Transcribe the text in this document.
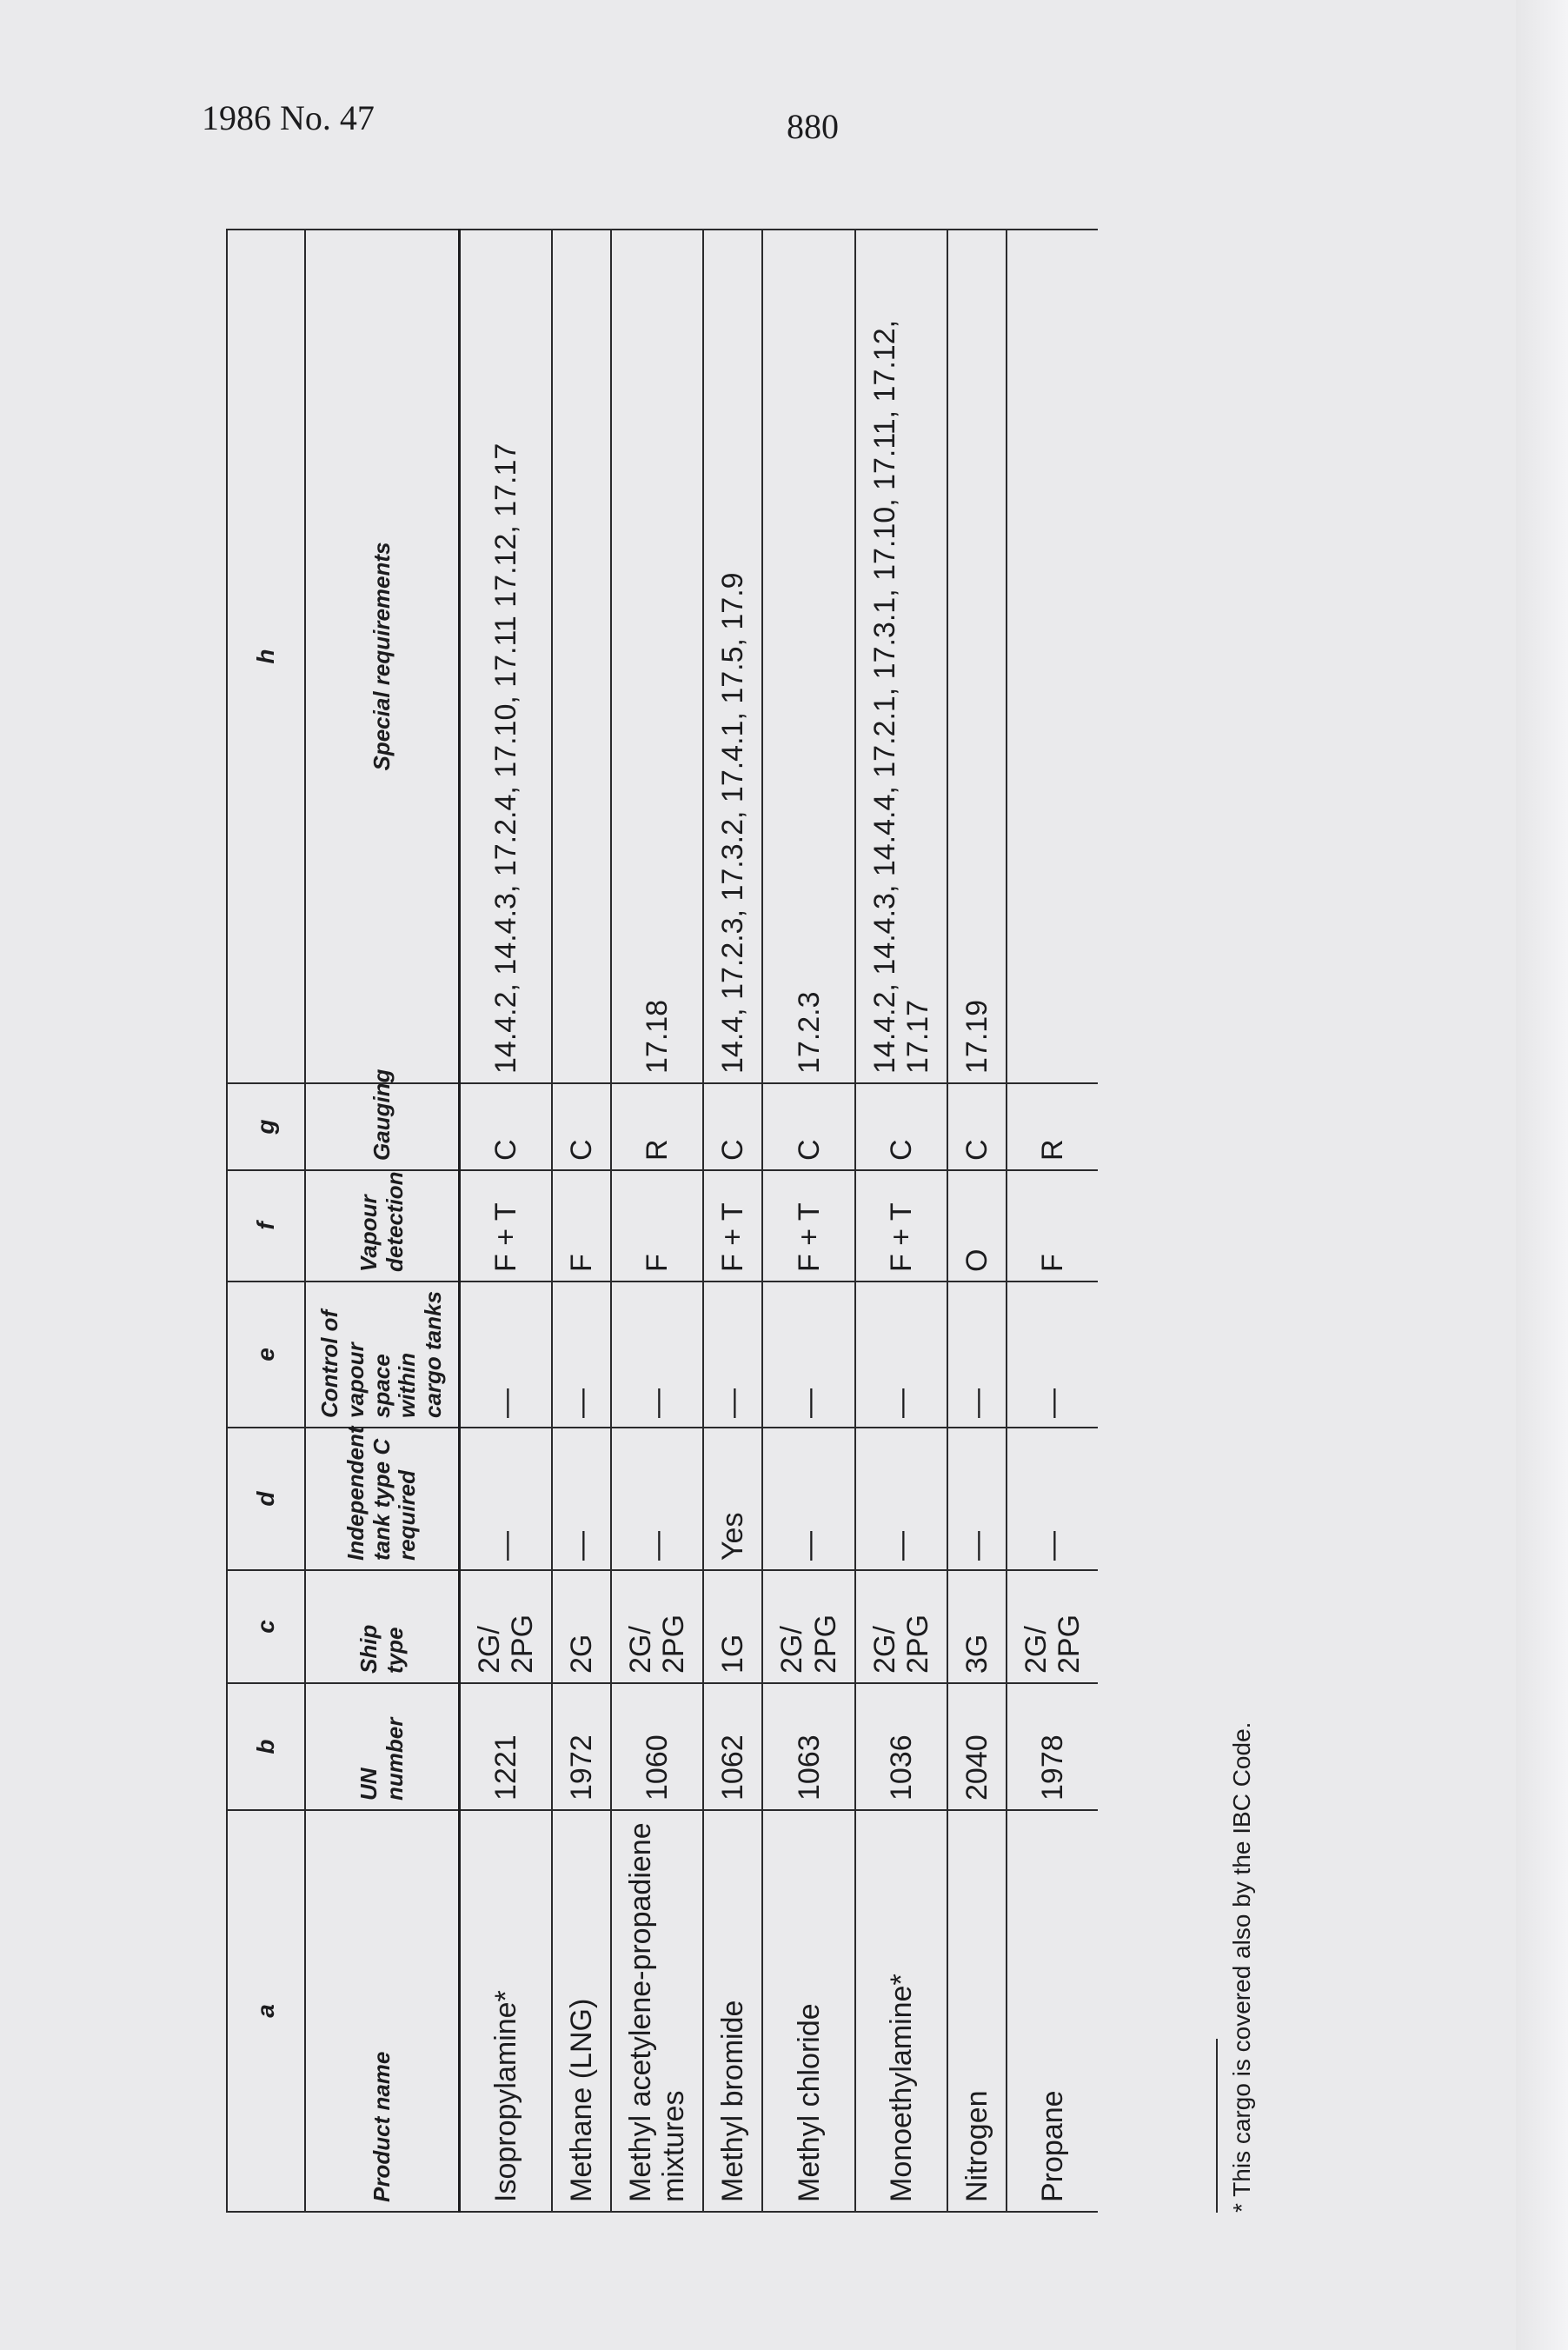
1986 No. 47	880
a	b	c	d	e	f	g	h
Product name	UN number	Ship type	Independent tank type C required	Control of vapour space within cargo tanks	Vapour detection	Gauging	Special requirements
Isopropylamine*	1221	2G/ 2PG	—	—	F + T	C	14.4.2, 14.4.3, 17.2.4, 17.10, 17.11 17.12, 17.17
Methane (LNG)	1972	2G	—	—	F	C	
Methyl acetylene-propadiene mixtures	1060	2G/ 2PG	—	—	F	R	17.18
Methyl bromide	1062	1G	Yes	—	F + T	C	14.4, 17.2.3, 17.3.2, 17.4.1, 17.5, 17.9
Methyl chloride	1063	2G/ 2PG	—	—	F + T	C	17.2.3
Monoethylamine*	1036	2G/ 2PG	—	—	F + T	C	14.4.2, 14.4.3, 14.4.4, 17.2.1, 17.3.1, 17.10, 17.11, 17.12, 17.17
Nitrogen	2040	3G	—	—	O	C	17.19
Propane	1978	2G/ 2PG	—	—	F	R	
* This cargo is covered also by the IBC Code.
